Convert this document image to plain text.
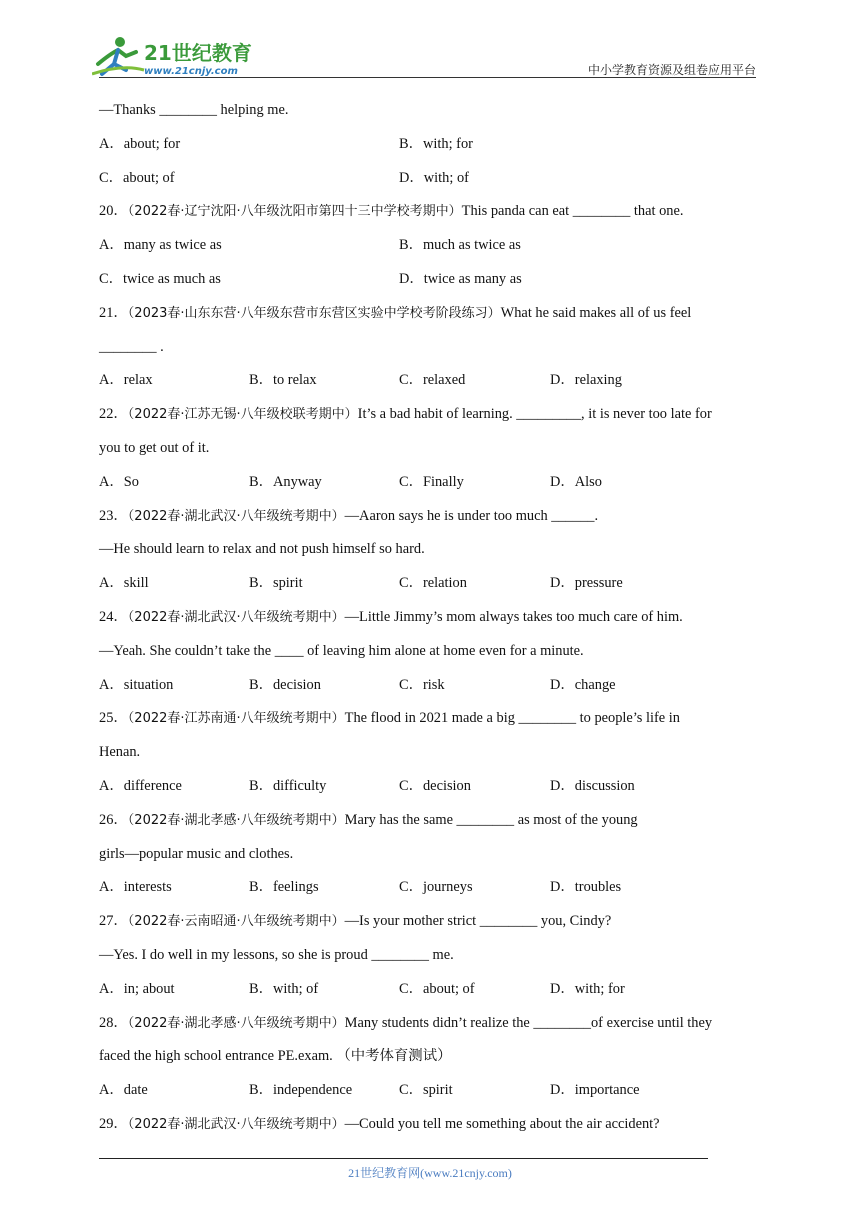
21世纪教育
www.21cnjy.com	中小学教育资源及组卷应用平台
—Thanks ________ helping me.
A．about; for	B．with; for
C．about; of	D．with; of
20．（2022春·辽宁沈阳·八年级沈阳市第四十三中学校考期中）This panda can eat ________ that one.
A．many as twice as	B．much as twice as
C．twice as much as	D．twice as many as
21．（2023春·山东东营·八年级东营市东营区实验中学校考阶段练习）What he said makes all of us feel
________ .
A．relax	B．to relax	C．relaxed	D．relaxing
22．（2022春·江苏无锡·八年级校联考期中）It’s a bad habit of learning. _________, it is never too late for
you to get out of it.
A．So	B．Anyway	C．Finally	D．Also
23．（2022春·湖北武汉·八年级统考期中）—Aaron says he is under too much ______.
—He should learn to relax and not push himself so hard.
A．skill	B．spirit	C．relation	D．pressure
24．（2022春·湖北武汉·八年级统考期中）—Little Jimmy’s mom always takes too much care of him.
—Yeah. She couldn’t take the ____ of leaving him alone at home even for a minute.
A．situation	B．decision	C．risk	D．change
25．（2022春·江苏南通·八年级统考期中）The flood in 2021 made a big ________ to people’s life in
Henan.
A．difference	B．difficulty	C．decision	D．discussion
26．（2022春·湖北孝感·八年级统考期中）Mary has the same ________ as most of the young
girls—popular music and clothes.
A．interests	B．feelings	C．journeys	D．troubles
27．（2022春·云南昭通·八年级统考期中）—Is your mother strict ________ you, Cindy?
—Yes. I do well in my lessons, so she is proud ________ me.
A．in; about	B．with; of	C．about; of	D．with; for
28．（2022春·湖北孝感·八年级统考期中）Many students didn’t realize the ________of exercise until they
faced the high school entrance PE.exam. （中考体育测试）
A．date	B．independence	C．spirit	D．importance
29．（2022春·湖北武汉·八年级统考期中）—Could you tell me something about the air accident?
21世纪教育网(www.21cnjy.com)
